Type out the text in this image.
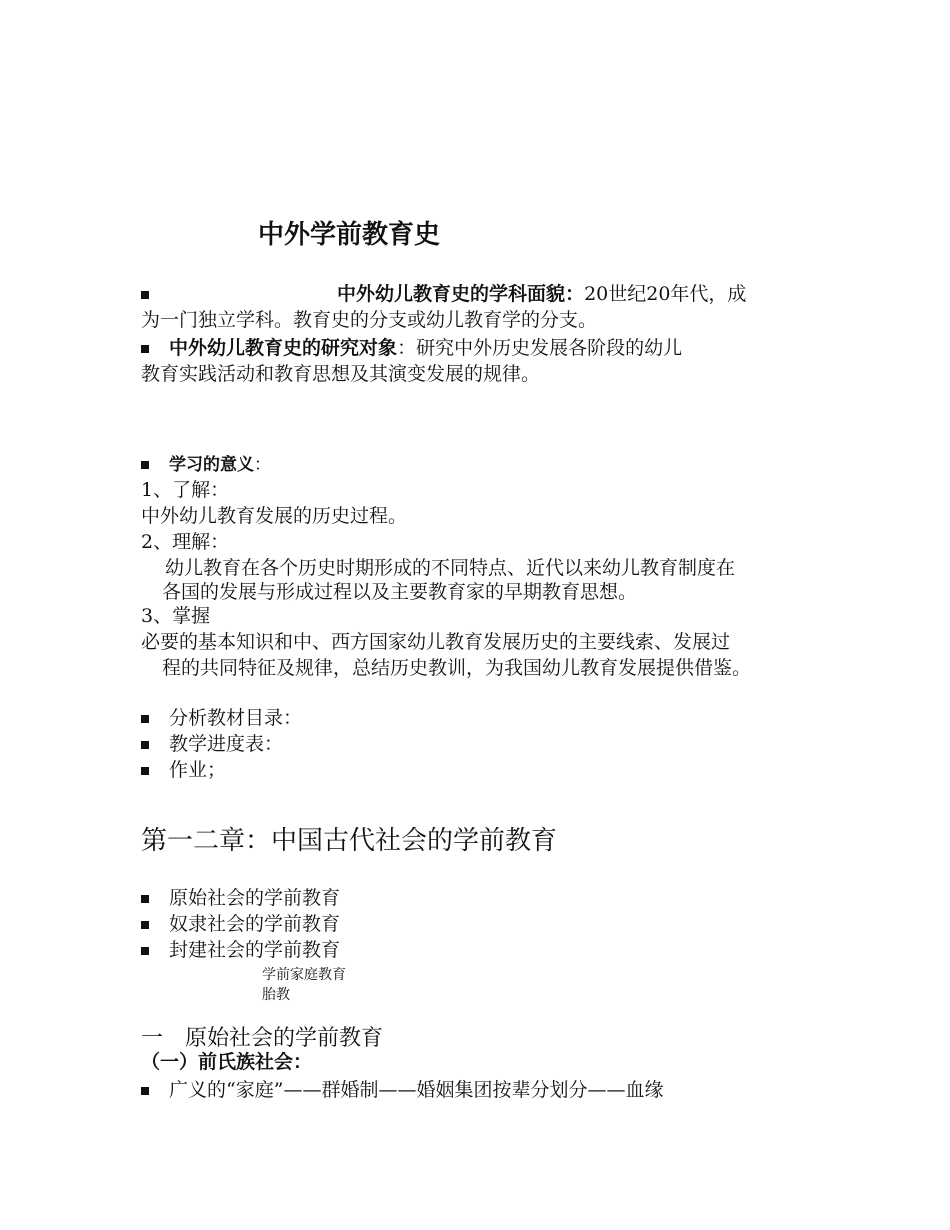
中外学前教育史
中外幼儿教育史的学科面貌：20世纪20年代，成
为一门独立学科。教育史的分支或幼儿教育学的分支。
中外幼儿教育史的研究对象：研究中外历史发展各阶段的幼儿
教育实践活动和教育思想及其演变发展的规律。
学习的意义：
1、了解：
中外幼儿教育发展的历史过程。
2、理解：
幼儿教育在各个历史时期形成的不同特点、近代以来幼儿教育制度在
各国的发展与形成过程以及主要教育家的早期教育思想。
3、掌握
必要的基本知识和中、西方国家幼儿教育发展历史的主要线索、发展过
程的共同特征及规律，总结历史教训，为我国幼儿教育发展提供借鉴。
分析教材目录：
教学进度表：
作业；
第一二章：中国古代社会的学前教育
原始社会的学前教育
奴隶社会的学前教育
封建社会的学前教育
学前家庭教育
胎教
一　原始社会的学前教育
（一）前氏族社会：
广义的“家庭”——群婚制——婚姻集团按辈分划分——血缘
